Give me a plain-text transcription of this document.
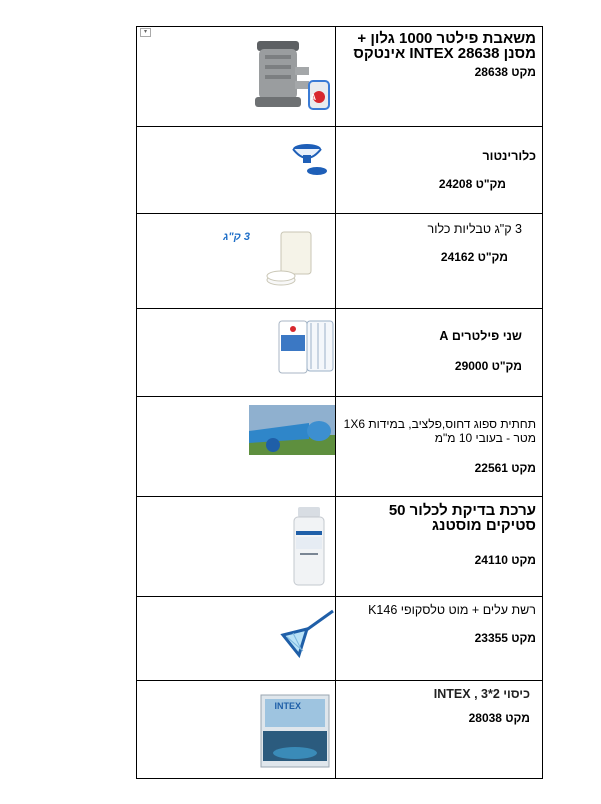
משאבת פילטר 1000 גלון + מסנן INTEX 28638 אינטקס
מקט 28638
▾	A

כלורינטור
מק"ט 24208

3 ק"ג טבליות כלור
מק"ט 24162	3 ק"ג

שני פילטרים A
מק"ט 29000

תחתית ספוג דחוס,פלציב, במידות 1X6 מטר - בעובי 10 מ"מ
מקט 22561

ערכת בדיקת לכלור 50 סטיקים מוסטנג
מקט 24110

רשת עלים + מוט טלסקופי K146
מקט 23355

כיסוי 2*3 , INTEX
מקט 28038	INTEX
